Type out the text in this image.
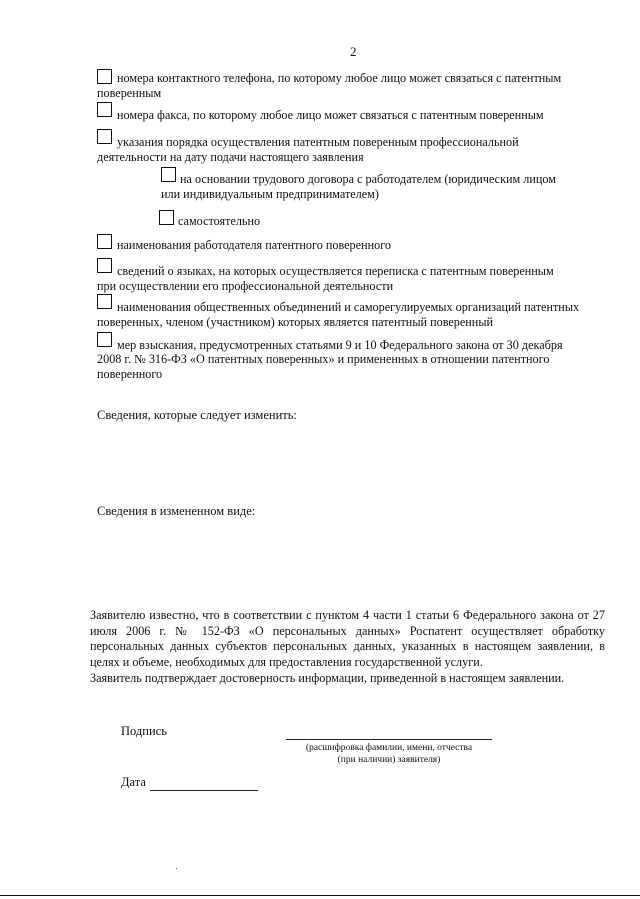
2
номера контактного телефона, по которому любое лицо может связаться с патентным
поверенным
номера факса, по которому любое лицо может связаться с патентным поверенным
указания порядка осуществления патентным поверенным профессиональной
деятельности на дату подачи настоящего заявления
на основании трудового договора с работодателем (юридическим лицом
или индивидуальным предпринимателем)
самостоятельно
наименования работодателя патентного поверенного
сведений о языках, на которых осуществляется переписка с патентным поверенным
при осуществлении его профессиональной деятельности
наименования общественных объединений и саморегулируемых организаций патентных
поверенных, членом (участником) которых является патентный поверенный
мер взыскания, предусмотренных статьями 9 и 10 Федерального закона от 30 декабря
2008 г. № 316-ФЗ «О патентных поверенных» и примененных в отношении патентного
поверенного
Сведения, которые следует изменить:
Сведения в измененном виде:

Заявителю известно, что в соответствии с пунктом 4 части 1 статьи 6 Федерального закона от 27 июля 2006 г. № 152-ФЗ «О персональных данных» Роспатент осуществляет обработку персональных данных субъектов персональных данных, указанных в настоящем заявлении, в целях и объеме, необходимых для предоставления государственной услуги.

Заявитель подтверждает достоверность информации, приведенной в настоящем заявлении.

Подпись
(расшифровка фамилии, имени, отчества
(при наличии) заявителя)
Дата
